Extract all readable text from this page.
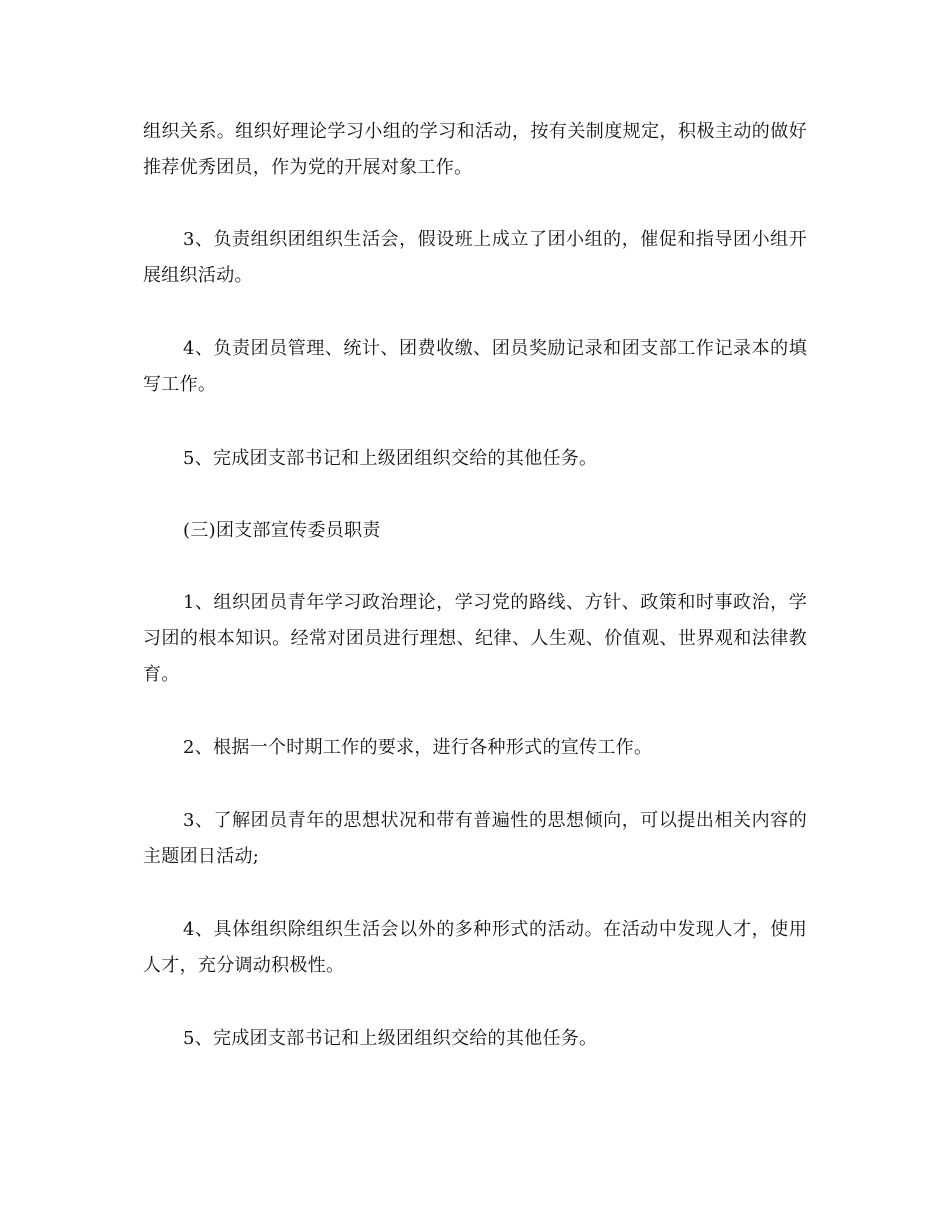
组织关系。组织好理论学习小组的学习和活动，按有关制度规定，积极主动的做好推荐优秀团员，作为党的开展对象工作。

3、负责组织团组织生活会，假设班上成立了团小组的，催促和指导团小组开展组织活动。

4、负责团员管理、统计、团费收缴、团员奖励记录和团支部工作记录本的填写工作。

5、完成团支部书记和上级团组织交给的其他任务。

(三)团支部宣传委员职责

1、组织团员青年学习政治理论，学习党的路线、方针、政策和时事政治，学习团的根本知识。经常对团员进行理想、纪律、人生观、价值观、世界观和法律教育。

2、根据一个时期工作的要求，进行各种形式的宣传工作。

3、了解团员青年的思想状况和带有普遍性的思想倾向，可以提出相关内容的主题团日活动;

4、具体组织除组织生活会以外的多种形式的活动。在活动中发现人才，使用人才，充分调动积极性。

5、完成团支部书记和上级团组织交给的其他任务。
